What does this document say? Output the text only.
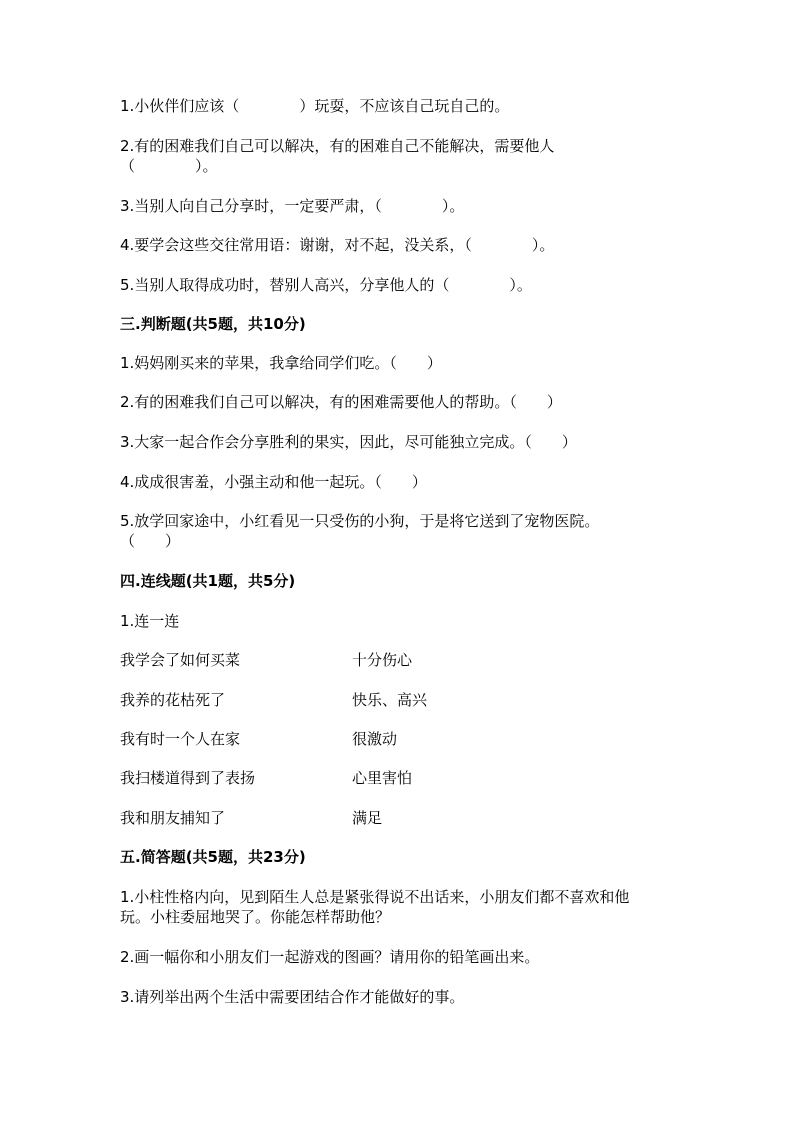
1.小伙伴们应该（　　　　）玩耍，不应该自己玩自己的。
2.有的困难我们自己可以解决，有的困难自己不能解决，需要他人
（　　　　）。
3.当别人向自己分享时，一定要严肃，（　　　　）。
4.要学会这些交往常用语：谢谢，对不起，没关系，（　　　　）。
5.当别人取得成功时，替别人高兴，分享他人的（　　　　）。
三.判断题(共5题，共10分)
1.妈妈刚买来的苹果，我拿给同学们吃。（　　）
2.有的困难我们自己可以解决，有的困难需要他人的帮助。（　　）
3.大家一起合作会分享胜利的果实，因此，尽可能独立完成。（　　）
4.成成很害羞，小强主动和他一起玩。（　　）
5.放学回家途中，小红看见一只受伤的小狗，于是将它送到了宠物医院。
（　　）
四.连线题(共1题，共5分)
1.连一连
我学会了如何买菜	十分伤心
我养的花枯死了	快乐、高兴
我有时一个人在家	很激动
我扫楼道得到了表扬	心里害怕
我和朋友捕知了	满足
五.简答题(共5题，共23分)
1.小柱性格内向，见到陌生人总是紧张得说不出话来，小朋友们都不喜欢和他
玩。小柱委屈地哭了。你能怎样帮助他？
2.画一幅你和小朋友们一起游戏的图画？请用你的铅笔画出来。
3.请列举出两个生活中需要团结合作才能做好的事。
